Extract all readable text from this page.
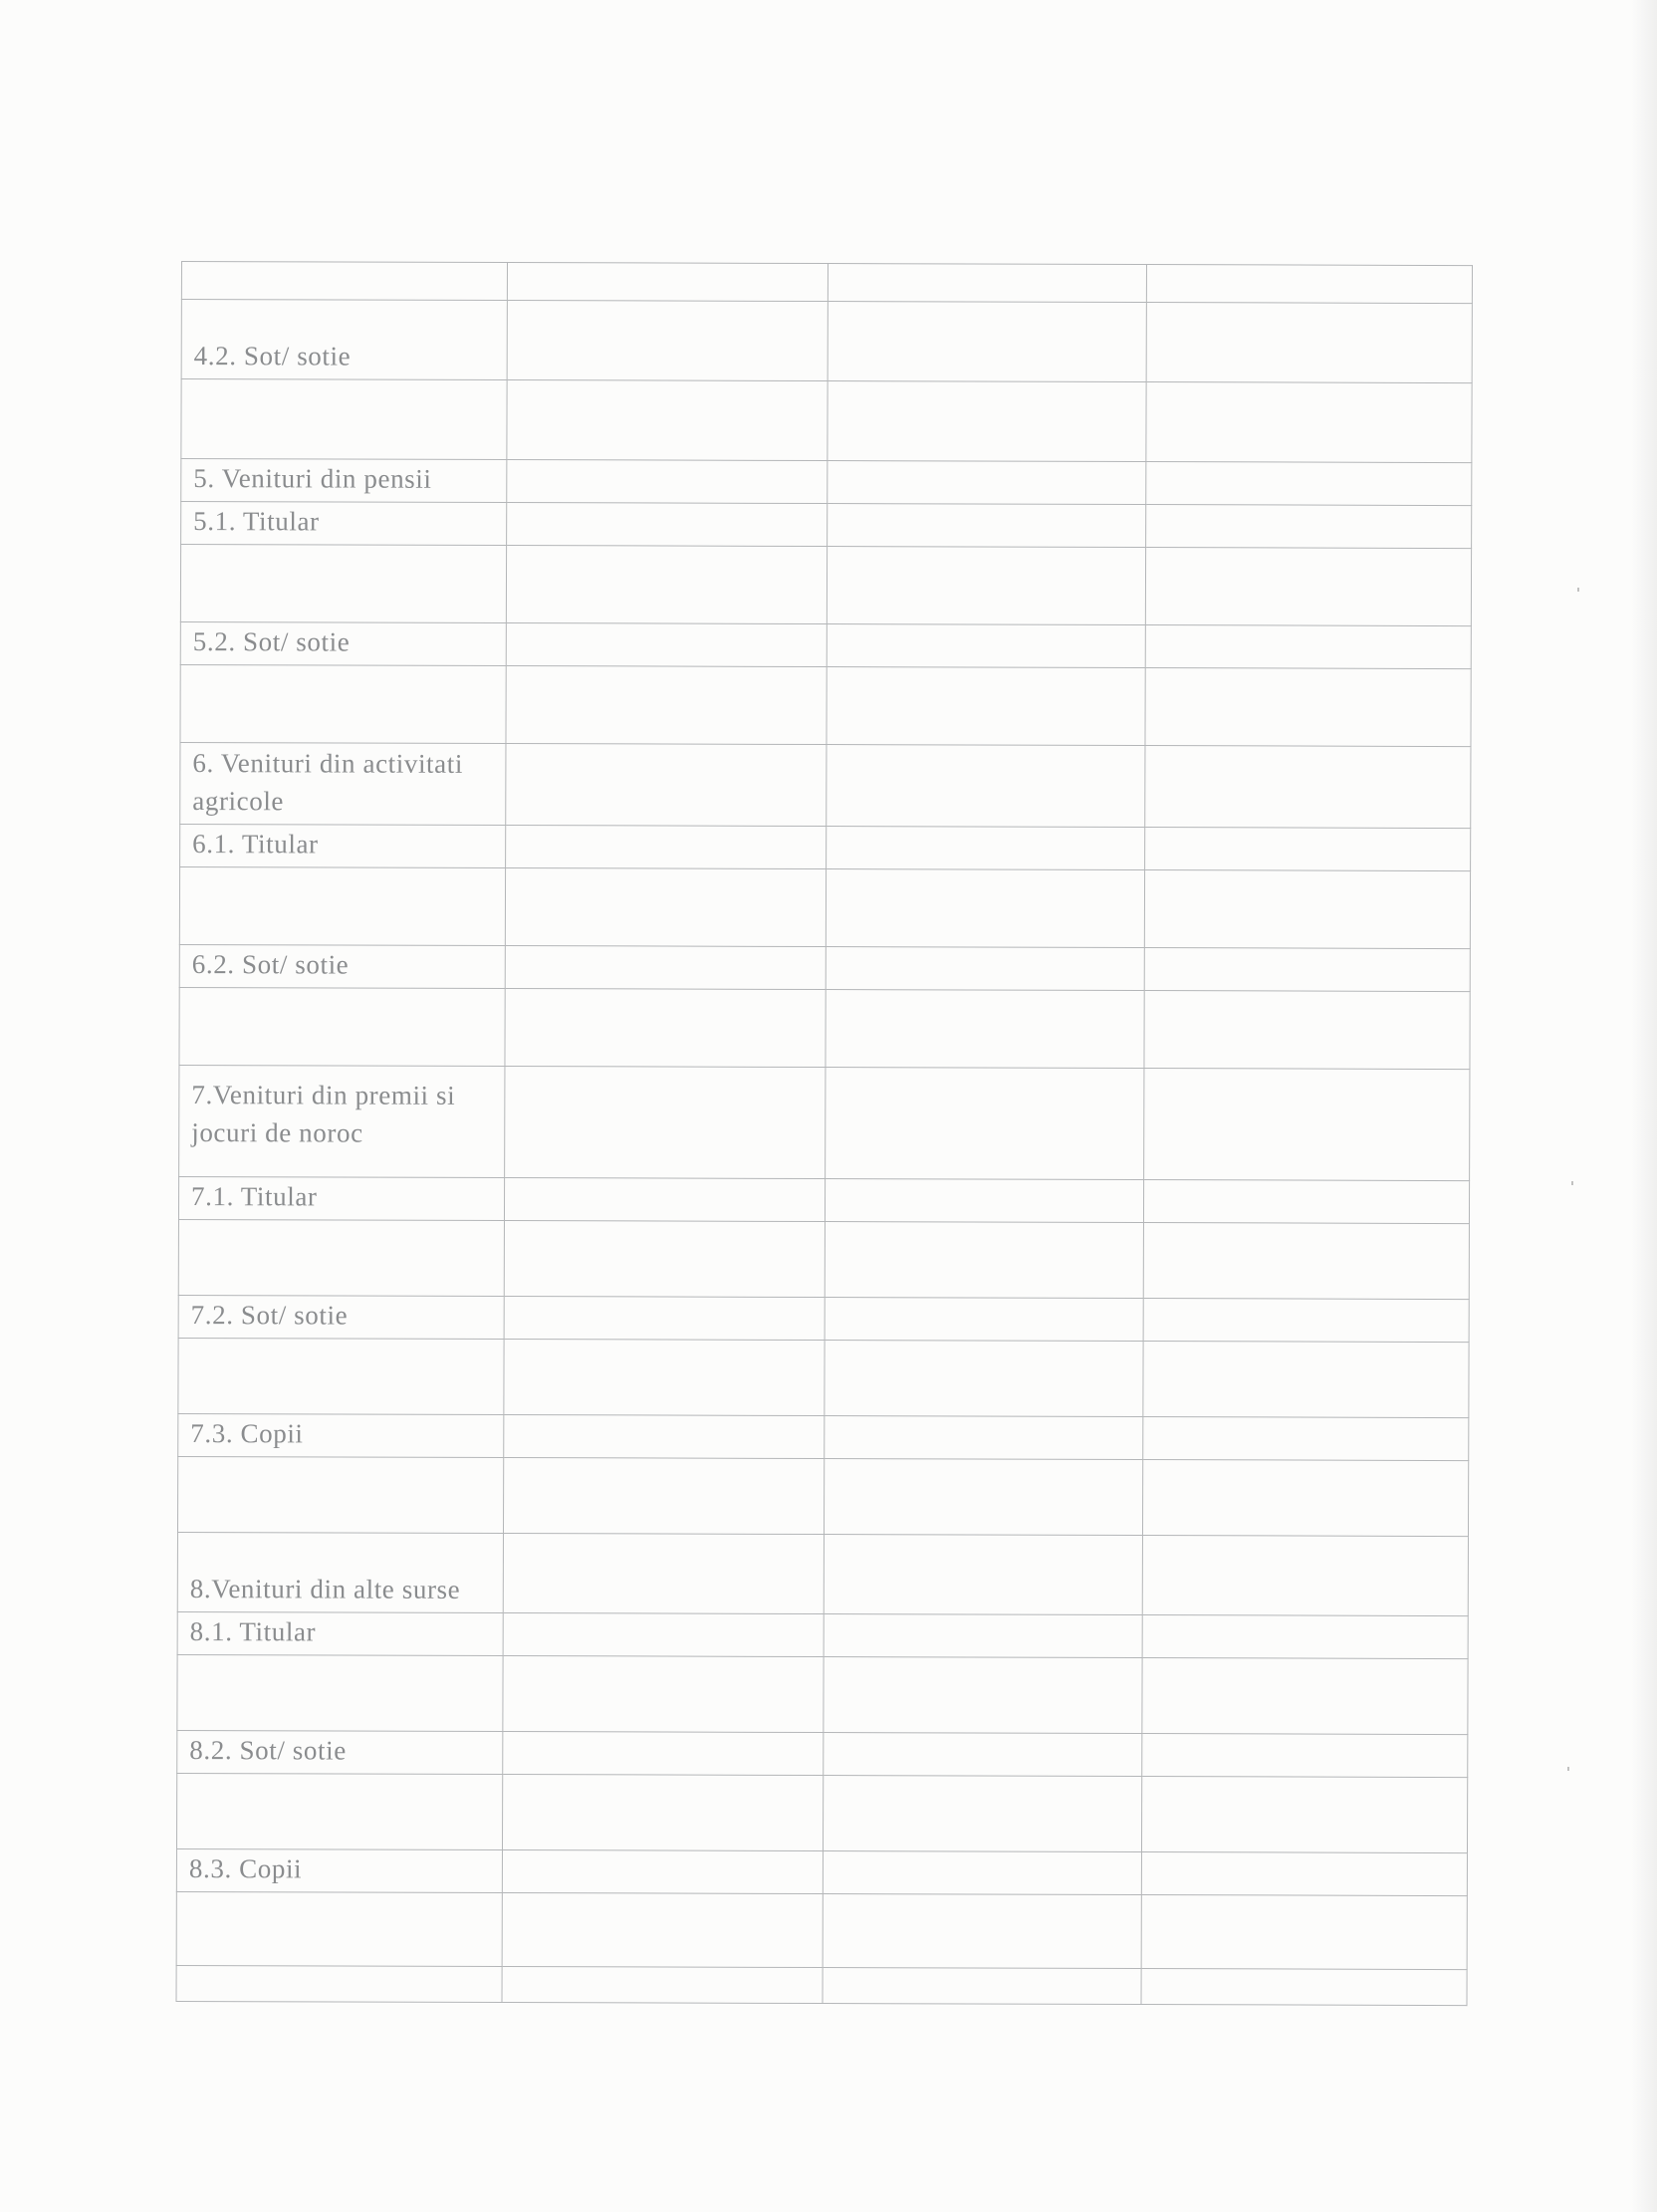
4.2. Sot/ sotie			

5. Venituri din pensii			

5.1. Titular			

5.2. Sot/ sotie			

6. Venituri din activitati agricole			

6.1. Titular			

6.2. Sot/ sotie			

7.Venituri din premii si jocuri de noroc			

7.1. Titular			

7.2. Sot/ sotie			

7.3. Copii			

8.Venituri din alte surse			

8.1. Titular			

8.2. Sot/ sotie			

8.3. Copii			
